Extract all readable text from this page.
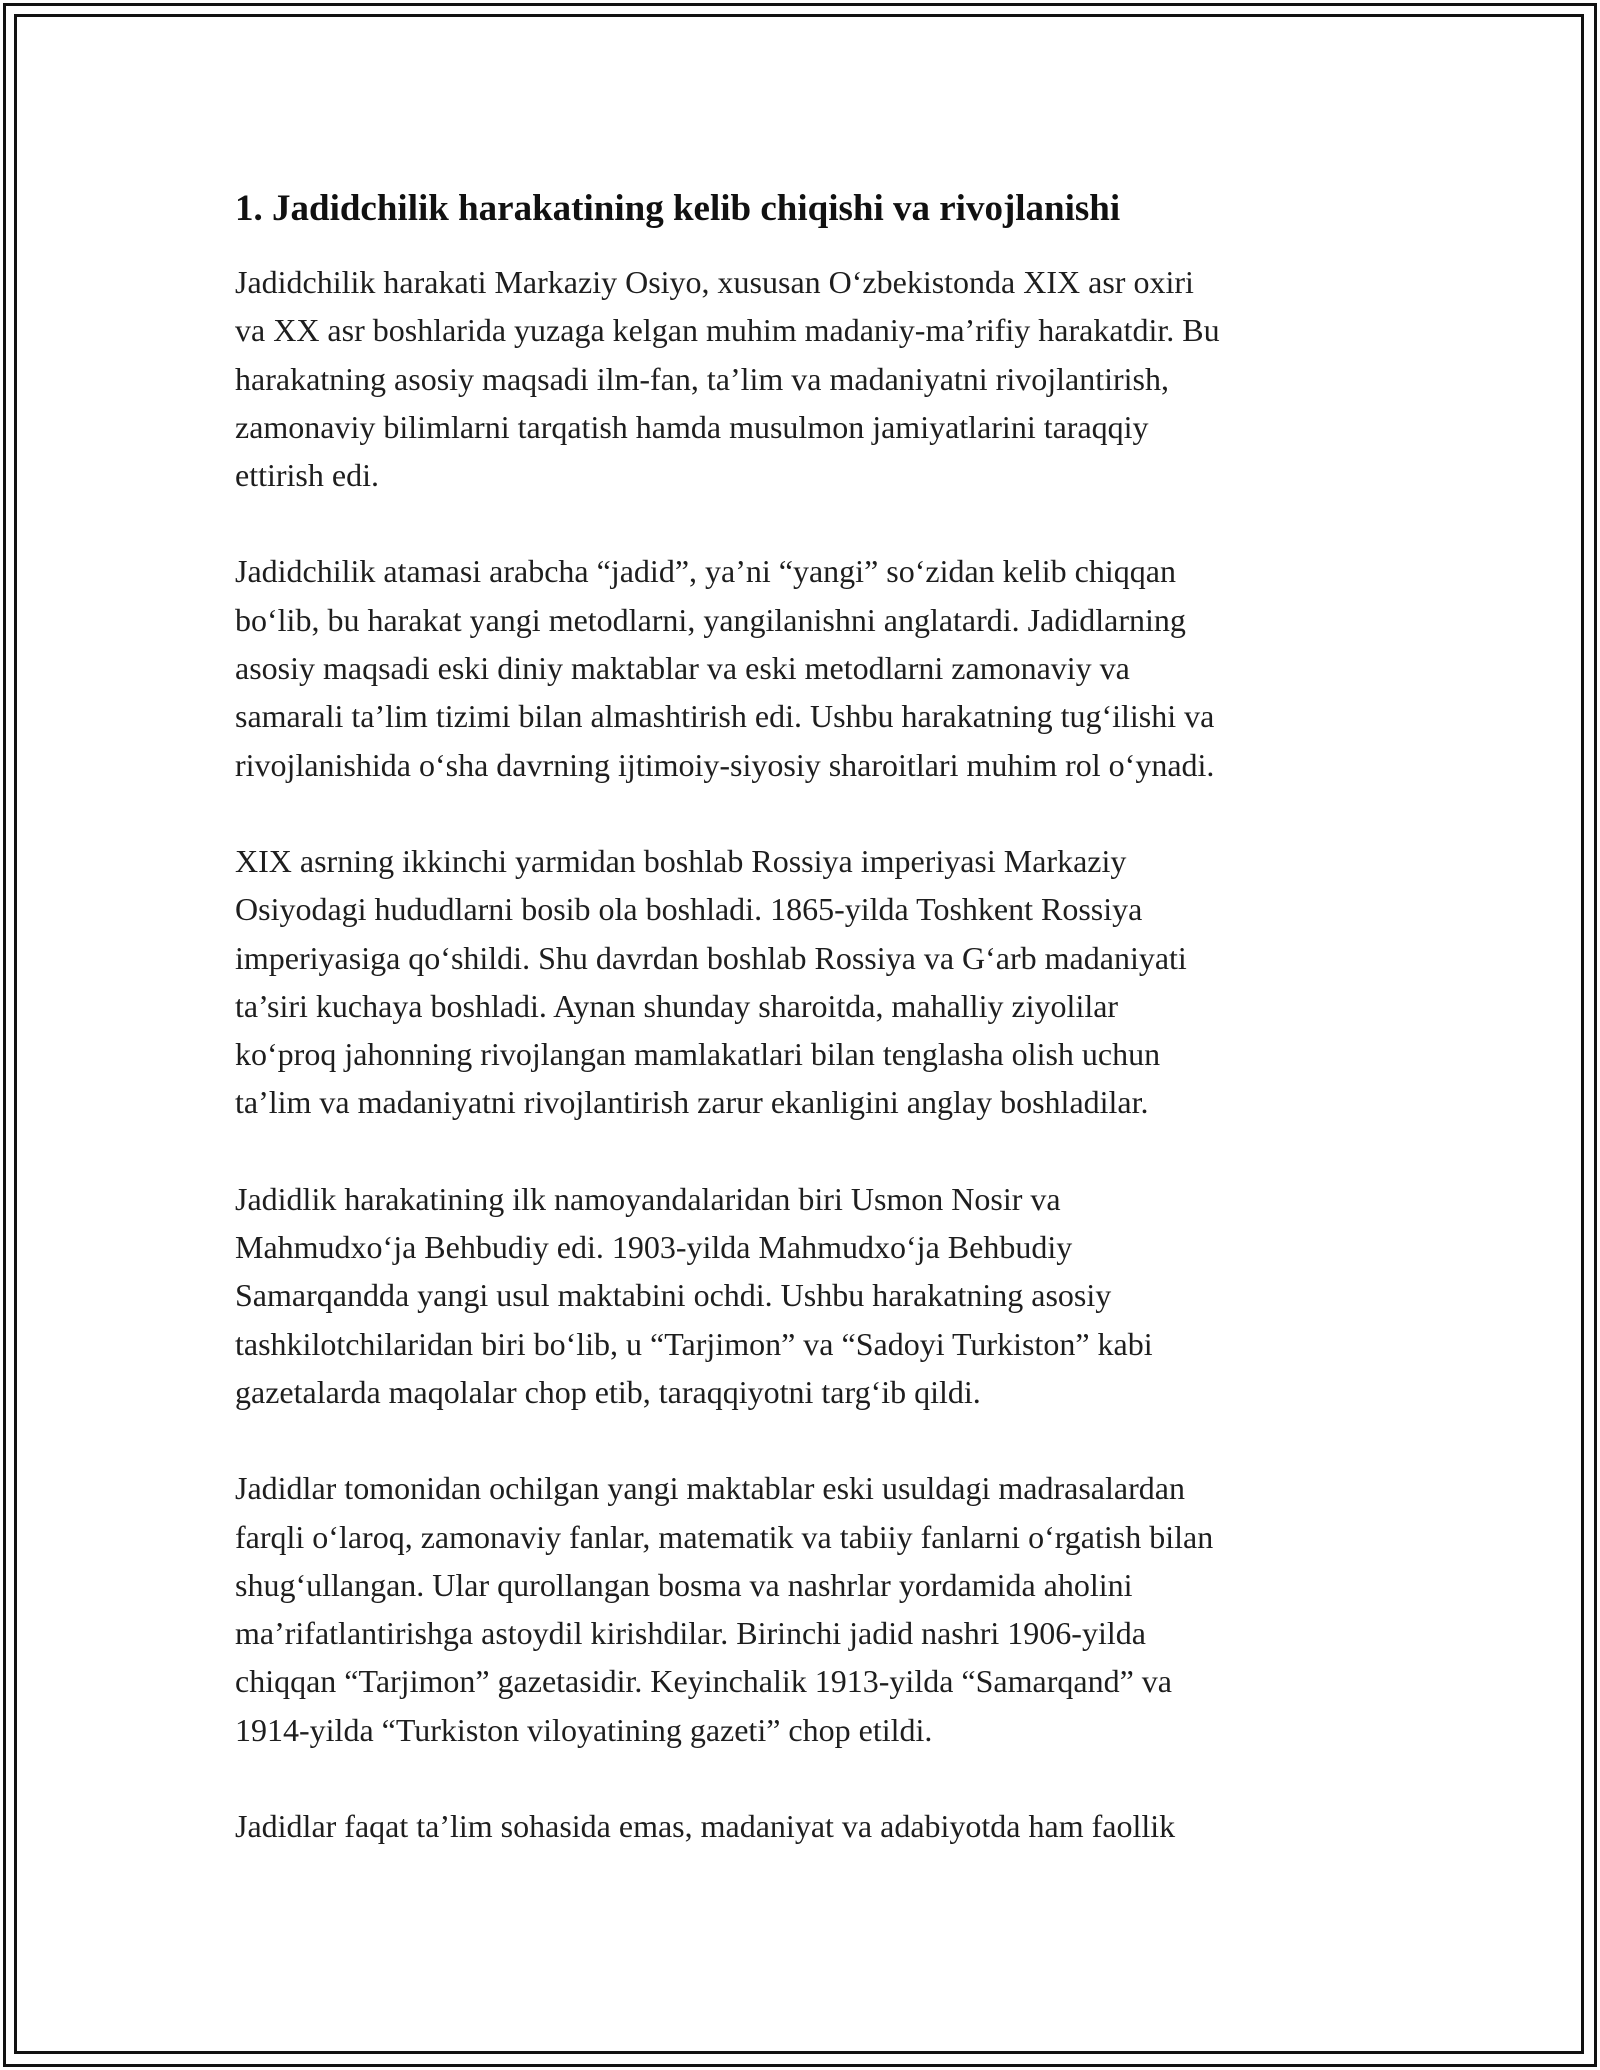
1. Jadidchilik harakatining kelib chiqishi va rivojlanishi

Jadidchilik harakati Markaziy Osiyo, xususan O‘zbekistonda XIX asr oxiri
va XX asr boshlarida yuzaga kelgan muhim madaniy-ma’rifiy harakatdir. Bu
harakatning asosiy maqsadi ilm-fan, ta’lim va madaniyatni rivojlantirish,
zamonaviy bilimlarni tarqatish hamda musulmon jamiyatlarini taraqqiy
ettirish edi.

Jadidchilik atamasi arabcha “jadid”, ya’ni “yangi” so‘zidan kelib chiqqan
bo‘lib, bu harakat yangi metodlarni, yangilanishni anglatardi. Jadidlarning
asosiy maqsadi eski diniy maktablar va eski metodlarni zamonaviy va
samarali ta’lim tizimi bilan almashtirish edi. Ushbu harakatning tug‘ilishi va
rivojlanishida o‘sha davrning ijtimoiy-siyosiy sharoitlari muhim rol o‘ynadi.

XIX asrning ikkinchi yarmidan boshlab Rossiya imperiyasi Markaziy
Osiyodagi hududlarni bosib ola boshladi. 1865-yilda Toshkent Rossiya
imperiyasiga qo‘shildi. Shu davrdan boshlab Rossiya va G‘arb madaniyati
ta’siri kuchaya boshladi. Aynan shunday sharoitda, mahalliy ziyolilar
ko‘proq jahonning rivojlangan mamlakatlari bilan tenglasha olish uchun
ta’lim va madaniyatni rivojlantirish zarur ekanligini anglay boshladilar.

Jadidlik harakatining ilk namoyandalaridan biri Usmon Nosir va
Mahmudxo‘ja Behbudiy edi. 1903-yilda Mahmudxo‘ja Behbudiy
Samarqandda yangi usul maktabini ochdi. Ushbu harakatning asosiy
tashkilotchilaridan biri bo‘lib, u “Tarjimon” va “Sadoyi Turkiston” kabi
gazetalarda maqolalar chop etib, taraqqiyotni targ‘ib qildi.

Jadidlar tomonidan ochilgan yangi maktablar eski usuldagi madrasalardan
farqli o‘laroq, zamonaviy fanlar, matematik va tabiiy fanlarni o‘rgatish bilan
shug‘ullangan. Ular qurollangan bosma va nashrlar yordamida aholini
ma’rifatlantirishga astoydil kirishdilar. Birinchi jadid nashri 1906-yilda
chiqqan “Tarjimon” gazetasidir. Keyinchalik 1913-yilda “Samarqand” va
1914-yilda “Turkiston viloyatining gazeti” chop etildi.

Jadidlar faqat ta’lim sohasida emas, madaniyat va adabiyotda ham faollik
